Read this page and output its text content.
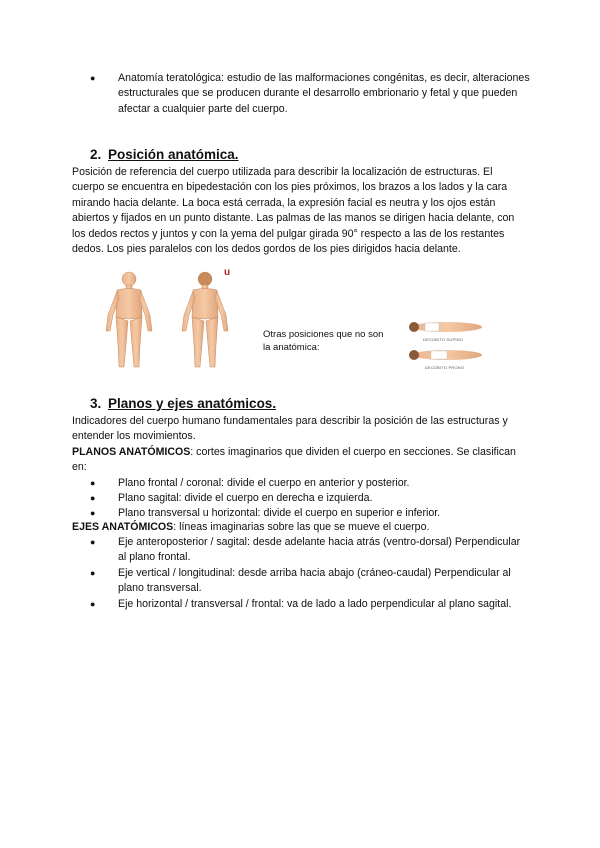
●	Anatomía teratológica: estudio de las malformaciones congénitas, es decir, alteraciones estructurales que se producen durante el desarrollo embrionario y fetal y que pueden afectar a cualquier parte del cuerpo.
2. Posición anatómica.
Posición de referencia del cuerpo utilizada para describir la localización de estructuras. El cuerpo se encuentra en bipedestación con los pies próximos, los brazos a los lados y la cara mirando hacia delante. La boca está cerrada, la expresión facial es neutra y los ojos están abiertos y fijados en un punto distante. Las palmas de las manos se dirigen hacia delante, con los dedos rectos y juntos y con la yema del pulgar girada 90° respecto a las de los restantes dedos. Los pies paralelos con los dedos gordos de los pies dirigidos hacia delante.
u
Otras posiciones que no son la anatómica:
DECÚBITO SUPINO
DECÚBITO PRONO
3. Planos y ejes anatómicos.
Indicadores del cuerpo humano fundamentales para describir la posición de las estructuras y entender los movimientos.
PLANOS ANATÓMICOS: cortes imaginarios que dividen el cuerpo en secciones. Se clasifican en:
●	Plano frontal / coronal: divide el cuerpo en anterior y posterior.
●	Plano sagital: divide el cuerpo en derecha e izquierda.
●	Plano transversal u horizontal: divide el cuerpo en superior e inferior.
EJES ANATÓMICOS: líneas imaginarias sobre las que se mueve el cuerpo.
●	Eje anteroposterior / sagital: desde adelante hacia atrás (ventro-dorsal) Perpendicular al plano frontal.
●	Eje vertical / longitudinal: desde arriba hacia abajo (cráneo-caudal) Perpendicular al plano transversal.
●	Eje horizontal / transversal / frontal: va de lado a lado perpendicular al plano sagital.
